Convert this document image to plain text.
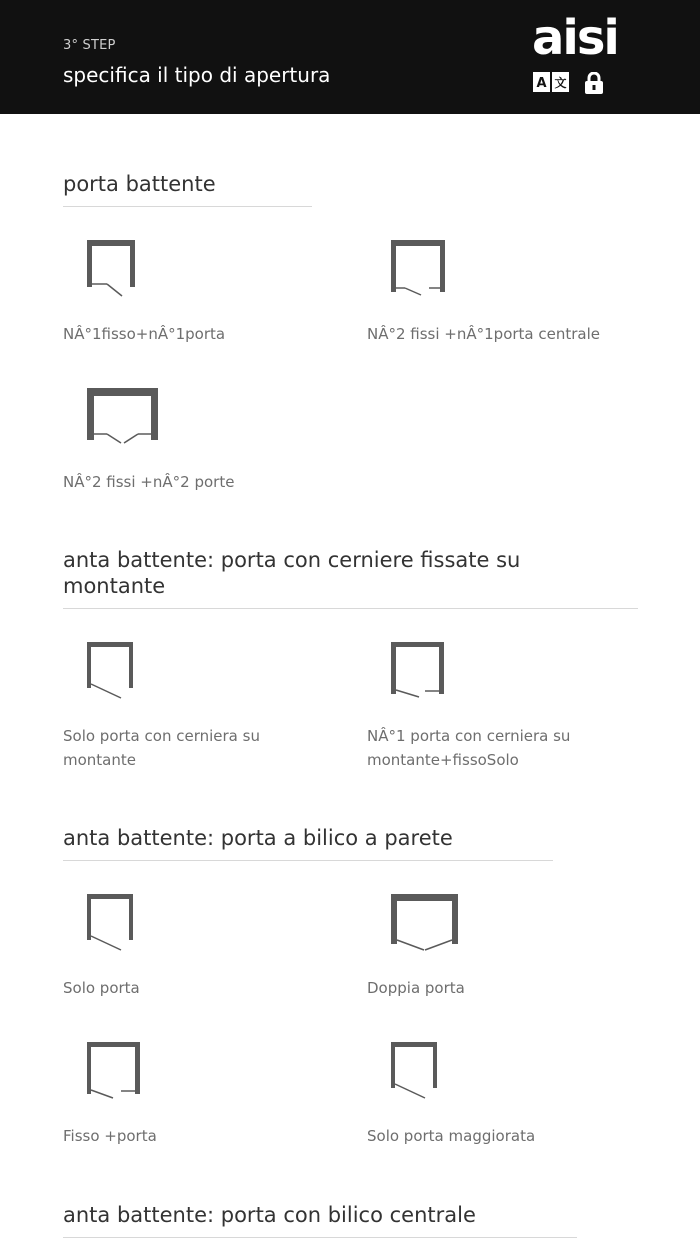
3° STEP
specifica il tipo di apertura
aisi
A 文
porta battente
NÂ°1fisso+nÂ°1porta	NÂ°2 fissi +nÂ°1porta centrale
NÂ°2 fissi +nÂ°2 porte
anta battente: porta con cerniere fissate su montante
Solo porta con cerniera su montante
NÂ°1 porta con cerniera su montante+fissoSolo
anta battente: porta a bilico a parete
Solo porta	Doppia porta
Fisso +porta	Solo porta maggiorata
anta battente: porta con bilico centrale
